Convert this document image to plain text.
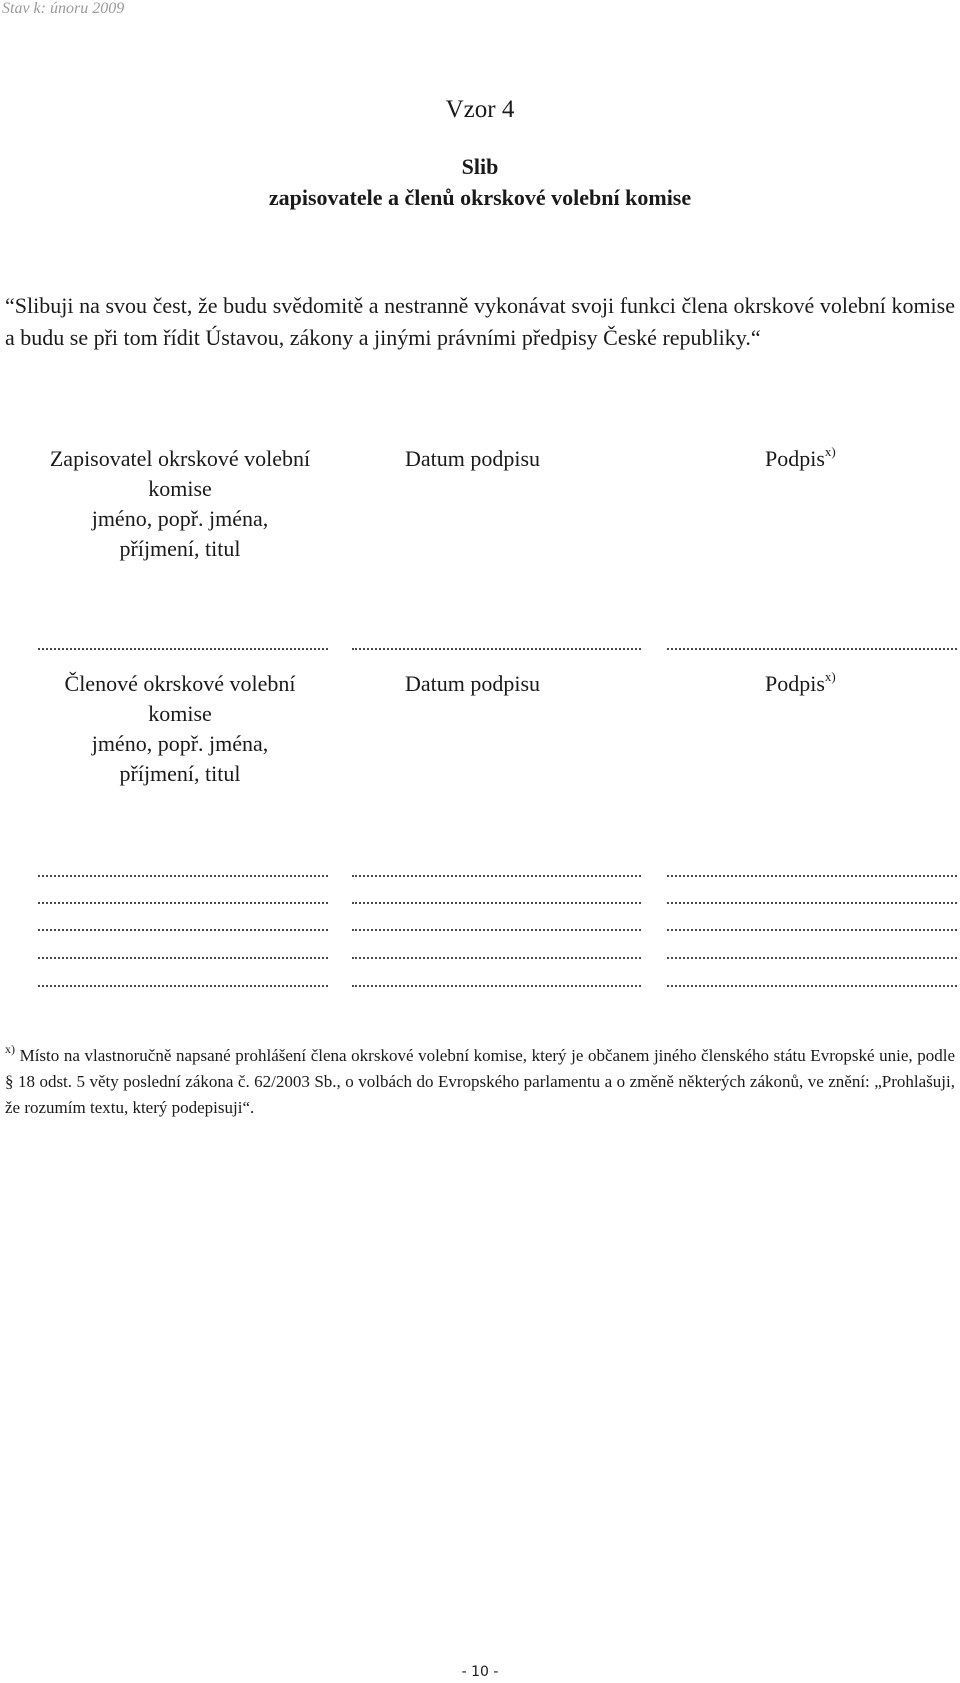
Stav k: únoru 2009
Vzor 4
Slib
zapisovatele a členů okrskové volební komise
“Slibuji na svou čest, že budu svědomitě a nestranně vykonávat svoji funkci člena okrskové volební komise a budu se při tom řídit Ústavou, zákony a jinými právními předpisy České republiky.“
Zapisovatel okrskové volební
komise
jméno, popř. jména,
příjmení, titul
Datum podpisu	Podpis$^{x)}$
Členové okrskové volební
komise
jméno, popř. jména,
příjmení, titul
Datum podpisu	Podpis$^{x)}$
$^{x)}$ Místo na vlastnoručně napsané prohlášení člena okrskové volební komise, který je občanem jiného členského státu Evropské unie, podle § 18 odst. 5 věty poslední zákona č. 62/2003 Sb., o volbách do Evropského parlamentu a o změně některých zákonů, ve znění: „Prohlašuji, že rozumím textu, který podepisuji“.
- 10 -
